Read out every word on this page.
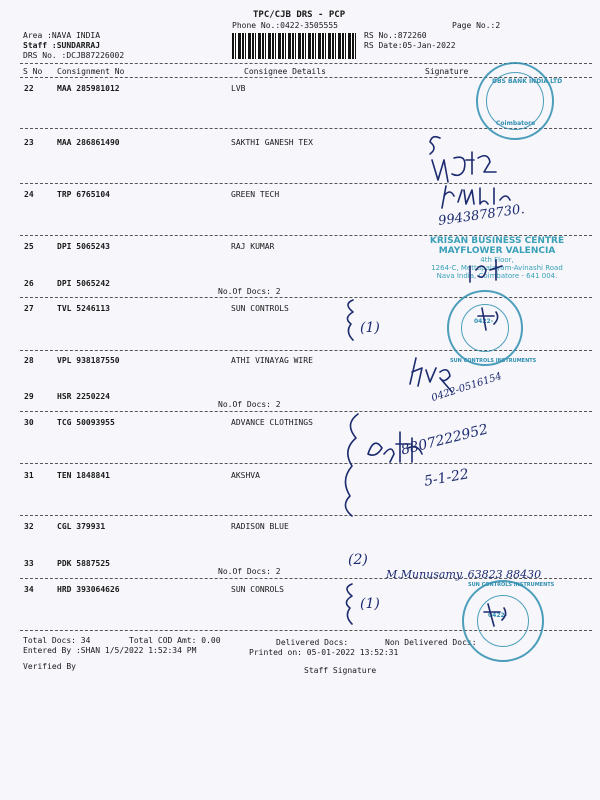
TPC/CJB DRS - PCP
Phone No.:0422-3505555	Page No.:2
Area :NAVA INDIA
Staff :SUNDARRAJ
DRS No. :DCJB87226002
RS No.:872260
RS Date:05-Jan-2022
S No Consignment No	Consignee Details	Signature
22	MAA 285981012	LVB
23	MAA 286861490	SAKTHI GANESH TEX
24	TRP 6765104	GREEN TECH
25	DPI 5065243	RAJ KUMAR
26	DPI 5065242
No.Of Docs: 2
27	TVL 5246113	SUN CONTROLS
28	VPL 938187550	ATHI VINAYAG WIRE
29	HSR 2250224
No.Of Docs: 2
30	TCG 50093955	ADVANCE CLOTHINGS
31	TEN 1848841	AKSHVA
32	CGL 379931	RADISON BLUE
33	PDK 5887525
No.Of Docs: 2
34	HRD 393064626	SUN CONROLS
Total Docs: 34	Total COD Amt: 0.00	Delivered Docs:	Non Delivered Docs:
Entered By :SHAN 1/5/2022 1:52:34 PM	Printed on: 05-01-2022 13:52:31
Verified By	Staff Signature
DBS BANK INDIA LTD
Coimbatore
KRISAN BUSINESS CENTRE
MAYFLOWER VALENCIA
4th Floor,
1264-C, Mettupalayam-Avinashi Road
Nava India, Coimbatore - 641 004.
SUN CONTROLS INSTRUMENTS
0422-
SUN CONTROLS INSTRUMENTS
0422-
9943878730.
(1)
0422-0516154
8807222952
5-1-22
(2)
M.Munusamy. 63823 88430
(1)
